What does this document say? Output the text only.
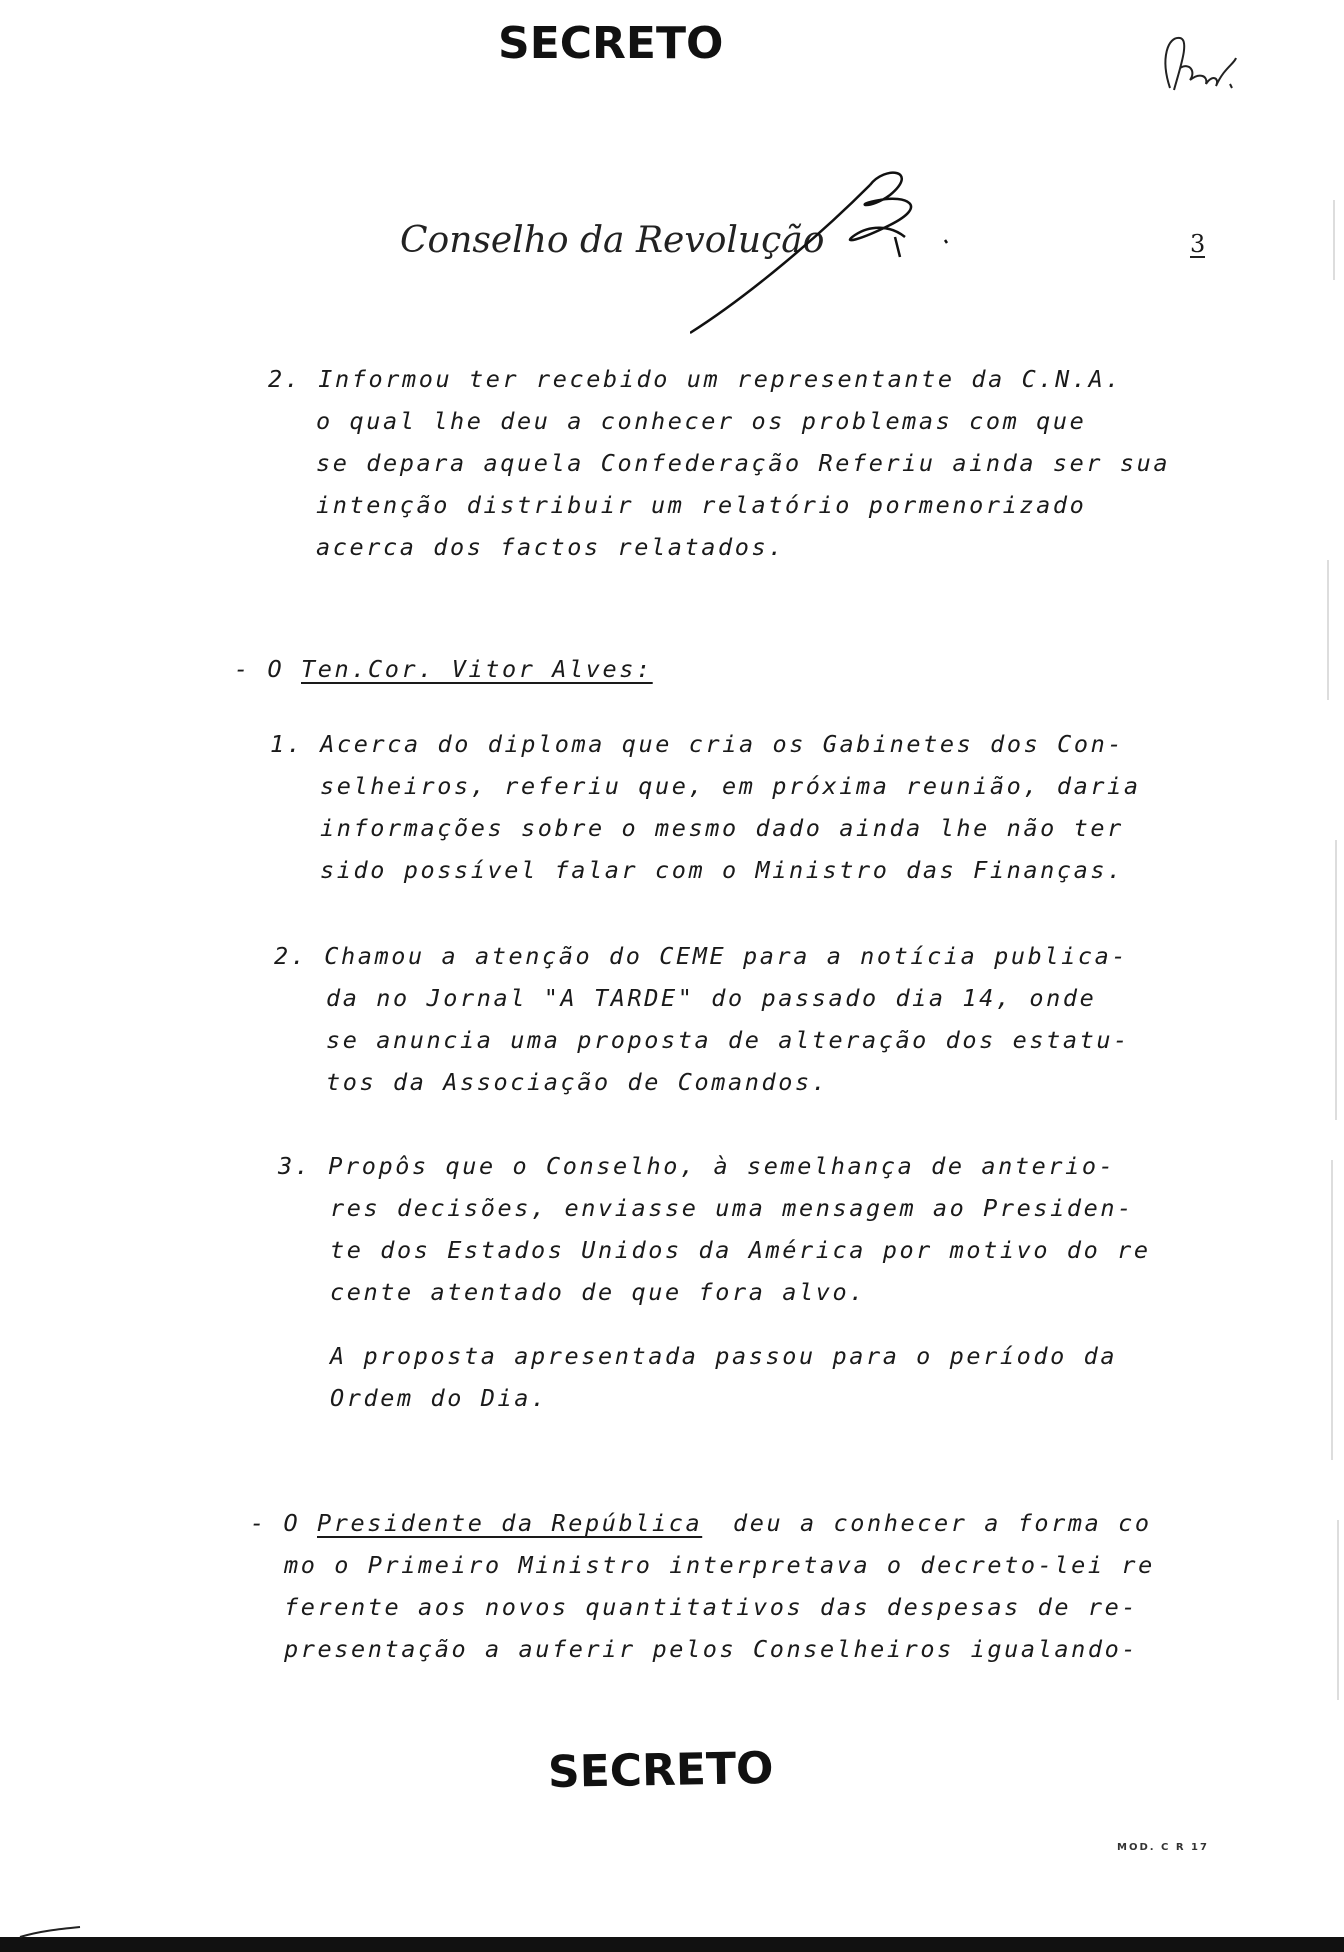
SECRETO
Conselho da Revolução	3

2. Informou ter recebido um representante da C.N.A.

o qual lhe deu a conhecer os problemas com que

se depara aquela Confederação Referiu ainda ser sua

intenção distribuir um relatório pormenorizado

acerca dos factos relatados.

- O Ten.Cor. Vitor Alves:

1. Acerca do diploma que cria os Gabinetes dos Con-

selheiros, referiu que, em próxima reunião, daria

informações sobre o mesmo dado ainda lhe não ter

sido possível falar com o Ministro das Finanças.

2. Chamou a atenção do CEME para a notícia publica-

da no Jornal "A TARDE" do passado dia 14, onde

se anuncia uma proposta de alteração dos estatu-

tos da Associação de Comandos.

3. Propôs que o Conselho, à semelhança de anterio-

res decisões, enviasse uma mensagem ao Presiden-

te dos Estados Unidos da América por motivo do re

cente atentado de que fora alvo.

A proposta apresentada passou para o período da

Ordem do Dia.

- O Presidente da República deu a conhecer a forma co

mo o Primeiro Ministro interpretava o decreto-lei re

ferente aos novos quantitativos das despesas de re-

presentação a auferir pelos Conselheiros igualando-

SECRETO
MOD. C R 17
